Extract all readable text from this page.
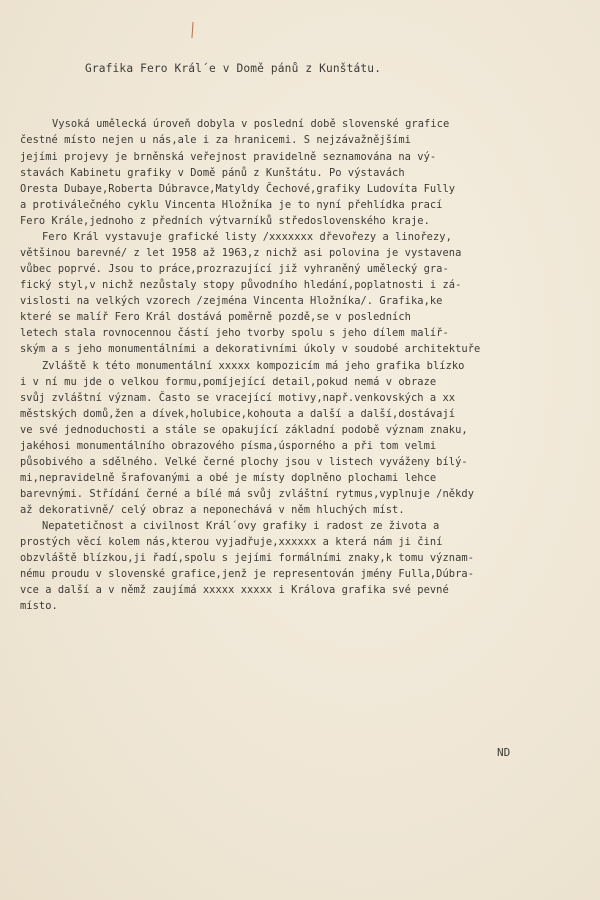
Grafika Fero Král´e v Domě pánů z Kunštátu.
Vysoká umělecká úroveň dobyla v poslední době slovenské grafice
čestné místo nejen u nás,ale i za hranicemi. S nejzávažnějšími
jejími projevy je brněnská veřejnost pravidelně seznamována na vý-
stavách Kabinetu grafiky v Domě pánů z Kunštátu. Po výstavách
Oresta Dubaye,Roberta Dúbravce,Matyldy Čechové,grafiky Ludovíta Fully
a protiválečného cyklu Vincenta Hložníka je to nyní přehlídka prací
Fero Krále,jednoho z předních výtvarníků středoslovenského kraje.
Fero Král vystavuje grafické listy /xxxxxxx dřevořezy a linořezy,
většinou barevné/ z let 1958 až 1963,z nichž asi polovina je vystavena
vůbec poprvé. Jsou to práce,prozrazující již vyhraněný umělecký gra-
fický styl,v nichž nezůstaly stopy původního hledání,poplatnosti i zá-
vislosti na velkých vzorech /zejména Vincenta Hložníka/. Grafika,ke
které se malíř Fero Král dostává poměrně pozdě,se v posledních
letech stala rovnocennou částí jeho tvorby spolu s jeho dílem malíř-
ským a s jeho monumentálními a dekorativními úkoly v soudobé architektuře
Zvláště k této monumentální xxxxx kompozicím má jeho grafika blízko
i v ní mu jde o velkou formu,pomíjející detail,pokud nemá v obraze
svůj zvláštní význam. Často se vracející motivy,např.venkovských a xx
městských domů,žen a dívek,holubice,kohouta a další a další,dostávají
ve své jednoduchosti a stále se opakující základní podobě význam znaku,
jakéhosi monumentálního obrazového písma,úsporného a při tom velmi
působivého a sdělného. Velké černé plochy jsou v listech vyváženy bílý-
mi,nepravidelně šrafovanými a obé je místy doplněno plochami lehce
barevnými. Střídání černé a bílé má svůj zvláštní rytmus,vyplnuje /někdy
až dekorativně/ celý obraz a neponechává v něm hluchých míst.
Nepatetičnost a civilnost Král´ovy grafiky i radost ze života a
prostých věcí kolem nás,kterou vyjadřuje,xxxxxx a která nám ji činí
obzvláště blízkou,ji řadí,spolu s jejími formálními znaky,k tomu význam-
nému proudu v slovenské grafice,jenž je representován jmény Fulla,Dúbra-
vce a další a v němž zaujímá xxxxx xxxxx i Králova grafika své pevné
místo.
ND
